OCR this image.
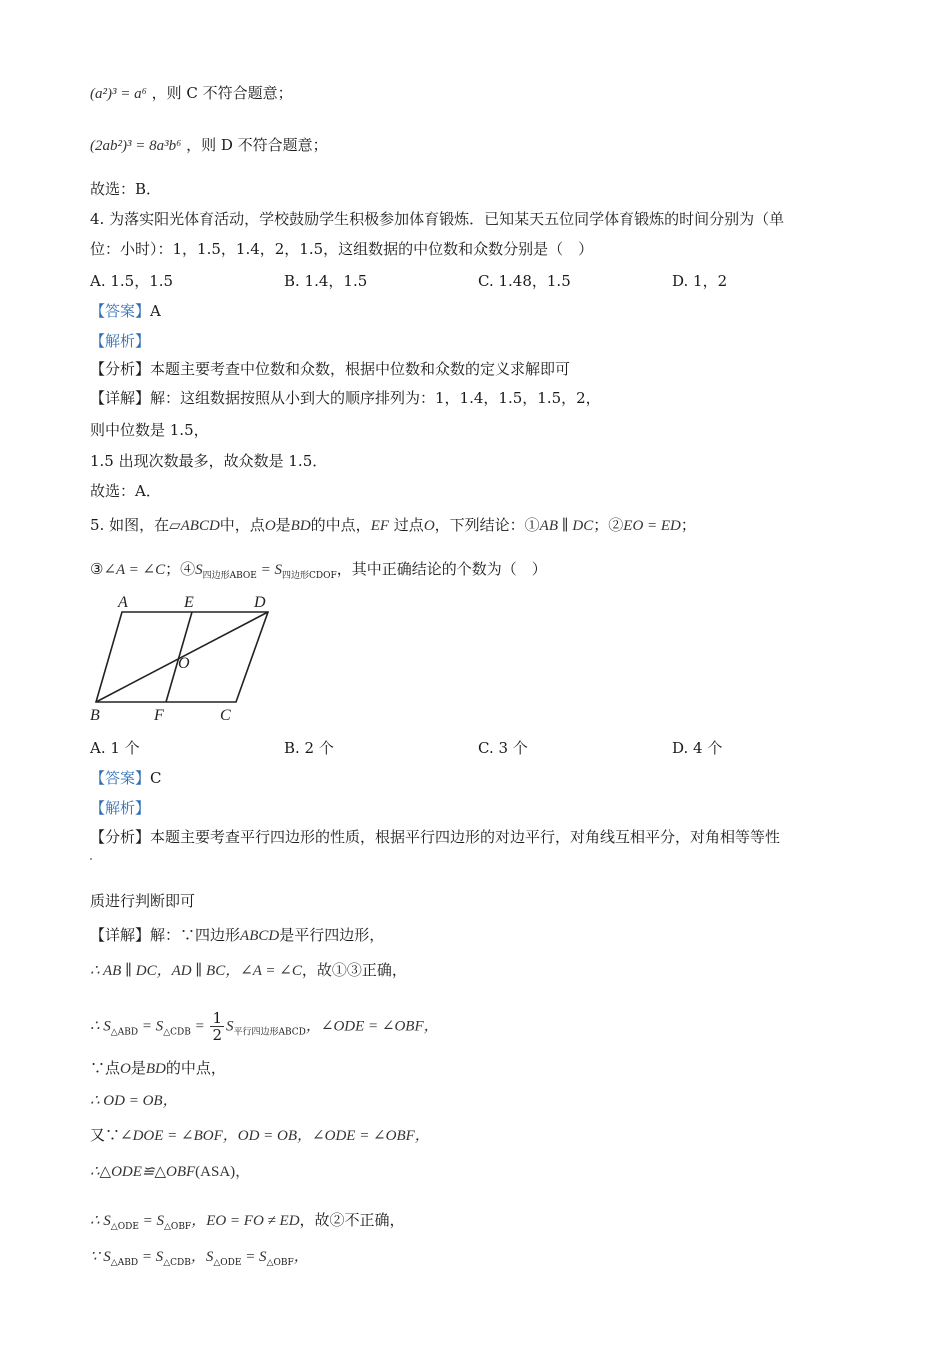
(a²)³ = a⁶ ，则 C 不符合题意；
(2ab²)³ = 8a³b⁶ ，则 D 不符合题意；
故选：B．
4. 为落实阳光体育活动，学校鼓励学生积极参加体育锻炼．已知某天五位同学体育锻炼的时间分别为（单
位：小时）：1，1.5，1.4，2，1.5，这组数据的中位数和众数分别是（　）
A. 1.5，1.5	B. 1.4，1.5	C. 1.48，1.5	D. 1，2
【答案】A
【解析】
【分析】本题主要考查中位数和众数，根据中位数和众数的定义求解即可
【详解】解：这组数据按照从小到大的顺序排列为：1，1.4，1.5，1.5，2，
则中位数是 1.5，
1.5 出现次数最多，故众数是 1.5．
故选：A．
5. 如图，在▱ABCD中，点O是BD的中点，EF 过点O，下列结论：①AB ∥ DC；②EO = ED；
③∠A = ∠C；$④S_{四边形ABOE} = S_{四边形CDOF}$，其中正确结论的个数为（　）
A	E	D
O
B	F	C
A. 1 个	B. 2 个	C. 3 个	D. 4 个
【答案】C
【解析】
【分析】本题主要考查平行四边形的性质，根据平行四边形的对边平行，对角线互相平分，对角相等等性
质进行判断即可
【详解】解：∵四边形ABCD是平行四边形，
∴ AB ∥ DC，AD ∥ BC，∠A = ∠C，故①③正确，
∴ $S_{\triangle ABD} = S_{\triangle CDB} = \frac{1}{2} S_{平行四边形ABCD}$，∠ODE = ∠OBF，
∵点O是BD的中点，
∴ OD = OB，
又∵∠DOE = ∠BOF，OD = OB，∠ODE = ∠OBF，
∴△ODE≌△OBF(ASA)，
∴ $S_{\triangle ODE} = S_{\triangle OBF}$，EO = FO ≠ ED，故②不正确，
∵ $S_{\triangle ABD} = S_{\triangle CDB}$，$S_{\triangle ODE} = S_{\triangle OBF}$，
